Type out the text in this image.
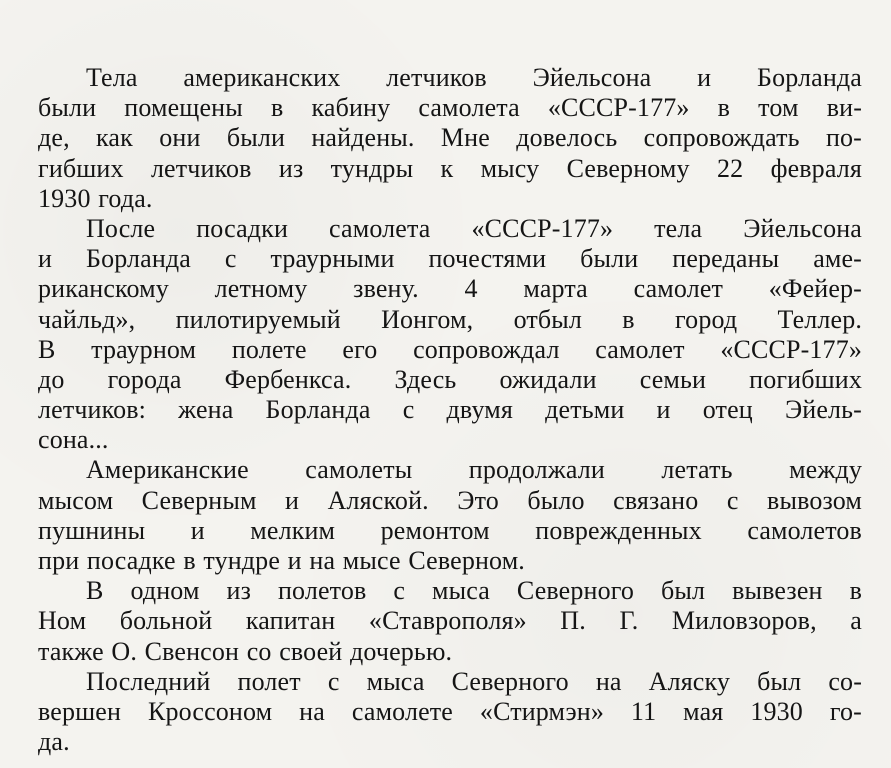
Тела американских летчиков Эйельсона и Борланда
были помещены в кабину самолета «СССР-177» в том ви-
де, как они были найдены. Мне довелось сопровождать по-
гибших летчиков из тундры к мысу Северному 22 февраля
1930 года.
После посадки самолета «СССР-177» тела Эйельсона
и Борланда с траурными почестями были переданы аме-
риканскому летному звену. 4 марта самолет «Фейер-
чайльд», пилотируемый Ионгом, отбыл в город Теллер.
В траурном полете его сопровождал самолет «СССР-177»
до города Фербенкса. Здесь ожидали семьи погибших
летчиков: жена Борланда с двумя детьми и отец Эйель-
сона...
Американские самолеты продолжали летать между
мысом Северным и Аляской. Это было связано с вывозом
пушнины и мелким ремонтом поврежденных самолетов
при посадке в тундре и на мысе Северном.
В одном из полетов с мыса Северного был вывезен в
Ном больной капитан «Ставрополя» П. Г. Миловзоров, а
также О. Свенсон со своей дочерью.
Последний полет с мыса Северного на Аляску был со-
вершен Кроссоном на самолете «Стирмэн» 11 мая 1930 го-
да.
